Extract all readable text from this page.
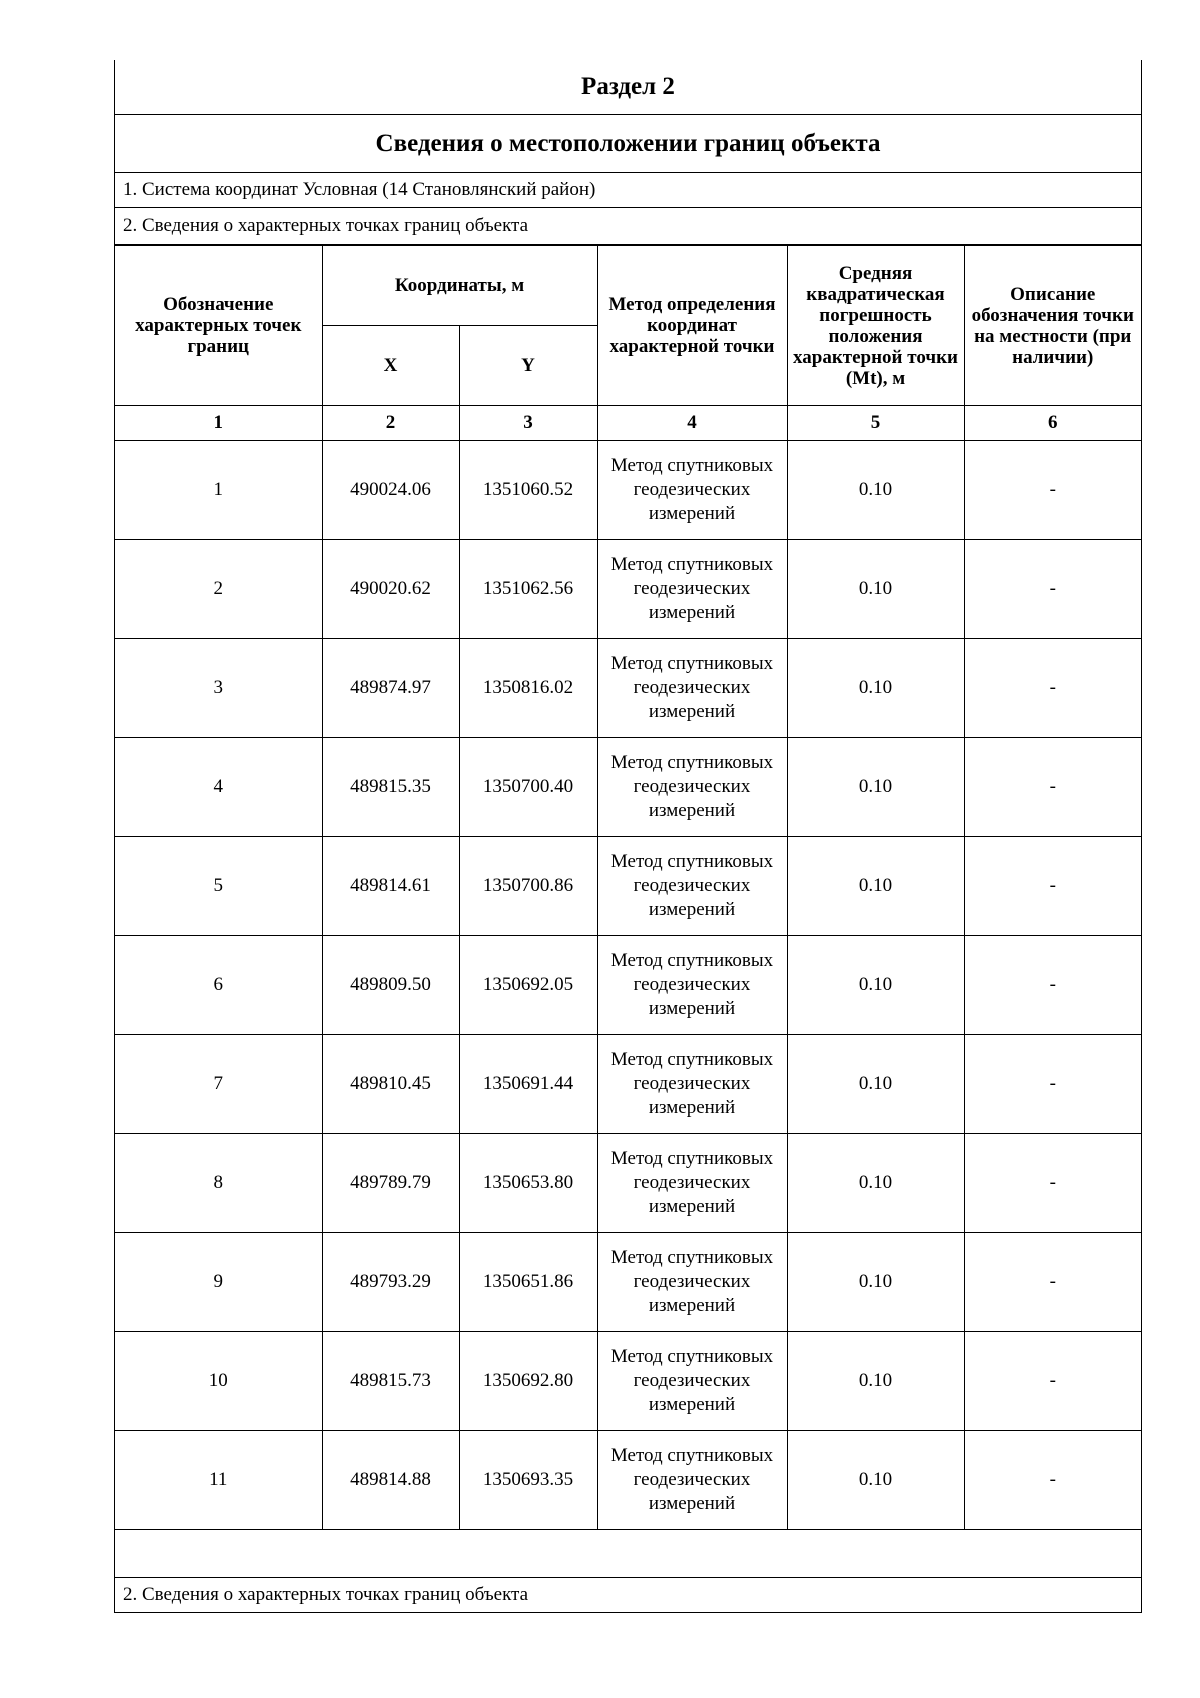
Раздел 2
Сведения о местоположении границ объекта
1. Система координат Условная (14 Становлянский район)
2. Сведения о характерных точках границ объекта
Обозначение характерных точек границ	Координаты, м		Метод определения координат характерной точки	Средняя квадратическая погрешность положения характерной точки (Mt), м	Описание обозначения точки на местности (при наличии)
	X	Y			
1	2	3	4	5	6
1	490024.06	1351060.52	Метод спутниковых геодезических измерений	0.10	-
2	490020.62	1351062.56	Метод спутниковых геодезических измерений	0.10	-
3	489874.97	1350816.02	Метод спутниковых геодезических измерений	0.10	-
4	489815.35	1350700.40	Метод спутниковых геодезических измерений	0.10	-
5	489814.61	1350700.86	Метод спутниковых геодезических измерений	0.10	-
6	489809.50	1350692.05	Метод спутниковых геодезических измерений	0.10	-
7	489810.45	1350691.44	Метод спутниковых геодезических измерений	0.10	-
8	489789.79	1350653.80	Метод спутниковых геодезических измерений	0.10	-
9	489793.29	1350651.86	Метод спутниковых геодезических измерений	0.10	-
10	489815.73	1350692.80	Метод спутниковых геодезических измерений	0.10	-
11	489814.88	1350693.35	Метод спутниковых геодезических измерений	0.10	-

2. Сведения о характерных точках границ объекта
